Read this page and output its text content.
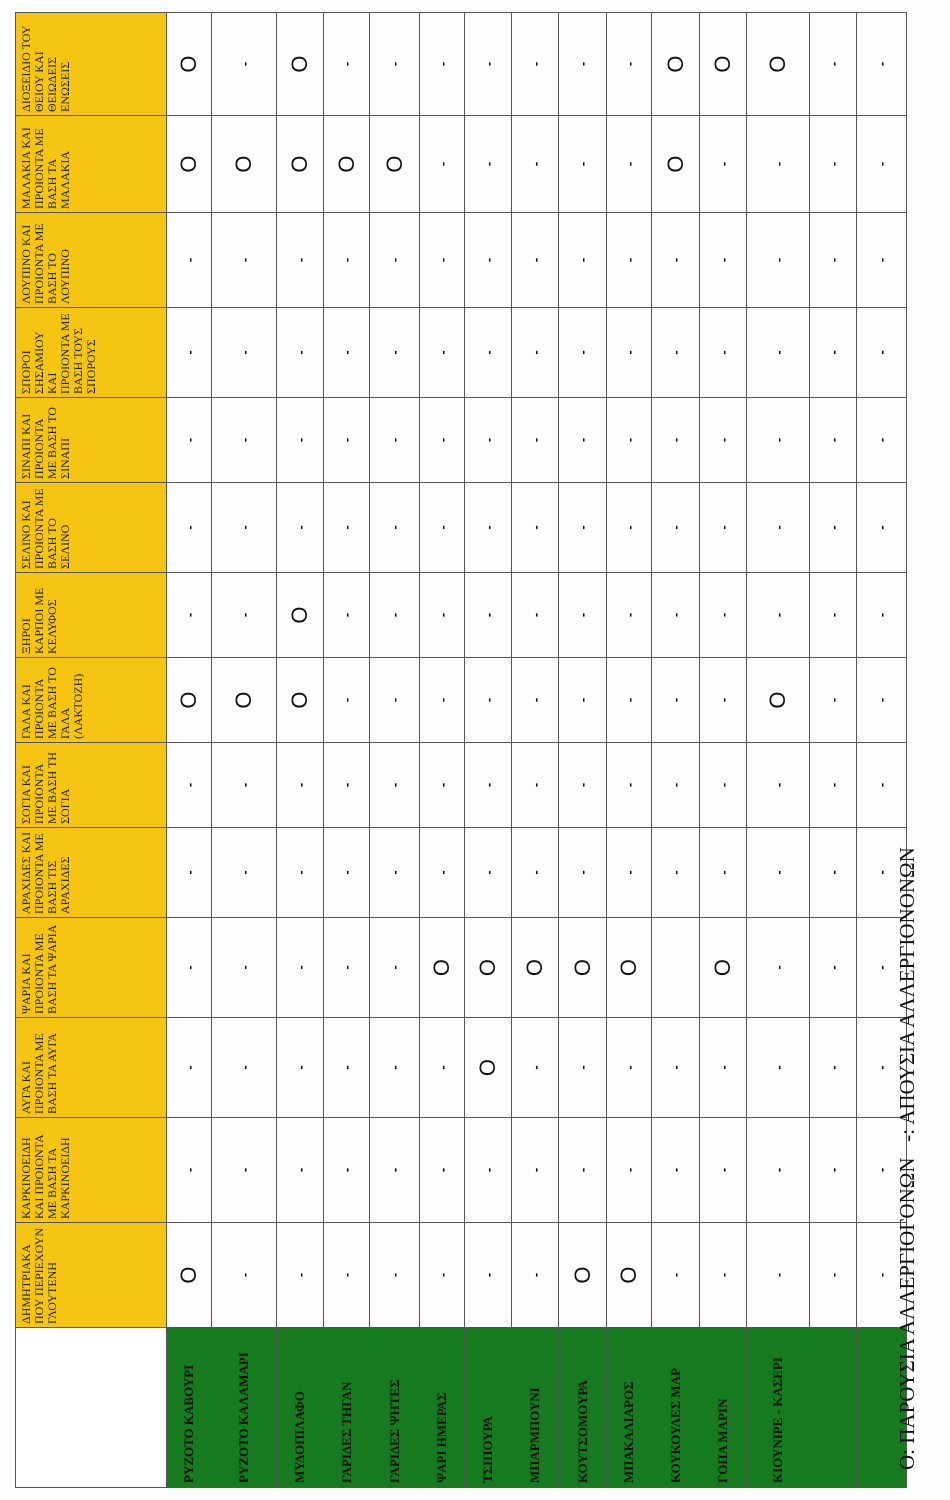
	ΔΗΜΗΤΡΙΑΚΑ ΠΟΥ ΠΕΡΙΕΧΟΥΝ ΓΛΟΥΤΕΝΗ	ΚΑΡΚΙΝΟΕΙΔΗ ΚΑΙ ΠΡΟΙΟΝΤΑ ΜΕ ΒΑΣΗ ΤΑ ΚΑΡΚΙΝΟΕΙΔΗ	ΑΥΓΑ ΚΑΙ ΠΡΟΙΟΝΤΑ ΜΕ ΒΑΣΗ ΤΑ ΑΥΓΑ	ΨΑΡΙΑ ΚΑΙ ΠΡΟΙΟΝΤΑ ΜΕ ΒΑΣΗ ΤΑ ΨΑΡΙΑ	ΑΡΑΧΙΔΕΣ ΚΑΙ ΠΡΟΙΟΝΤΑ ΜΕ ΒΑΣΗ ΤΙΣ ΑΡΑΧΙΔΕΣ	ΣΟΓΙΑ ΚΑΙ ΠΡΟΙΟΝΤΑ ΜΕ ΒΑΣΗ ΤΗ ΣΟΓΙΑ	ΓΑΛΑ ΚΑΙ ΠΡΟΙΟΝΤΑ ΜΕ ΒΑΣΗ ΤΟ ΓΑΛΑ (ΛΑΚΤΟΖΗ)	ΞΗΡΟΙ ΚΑΡΠΟΙ ΜΕ ΚΕΛΥΦΟΣ	ΣΕΛΙΝΟ ΚΑΙ ΠΡΟΙΟΝΤΑ ΜΕ ΒΑΣΗ ΤΟ ΣΕΛΙΝΟ	ΣΙΝΑΠΙ ΚΑΙ ΠΡΟΙΟΝΤΑ ΜΕ ΒΑΣΗ ΤΟ ΣΙΝΑΠΙ	ΣΠΟΡΟΙ ΣΗΣΑΜΙΟΥ ΚΑΙ ΠΡΟΙΟΝΤΑ ΜΕ ΒΑΣΗ ΤΟΥΣ ΣΠΟΡΟΥΣ	ΛΟΥΠΙΝΟ ΚΑΙ ΠΡΟΙΟΝΤΑ ΜΕ ΒΑΣΗ ΤΟ ΛΟΥΠΙΝΟ	ΜΑΛΑΚΙΑ ΚΑΙ ΠΡΟΙΟΝΤΑ ΜΕ ΒΑΣΗ ΤΑ ΜΑΛΑΚΙΑ	ΔΙΟΞΕΙΔΙΟ ΤΟΥ ΘΕΙΟΥ ΚΑΙ ΘΕΙΩΔΕΙΣ ΕΝΩΣΕΙΣ
ΡΥΖΟΤΟ ΚΑΒΟΥΡΙ	O	-	-	-	-	-	O	-	-	-	-	-	O	O
ΡΥΖΟΤΟ ΚΑΛΑΜΑΡΙ	-	-	-	-	-	-	O	-	-	-	-	-	O	-
ΜΥΔΟΠΙΛΑΦΟ	-	-	-	-	-	-	O	O	-	-	-	-	O	O
ΓΑΡΙΔΕΣ ΤΗΓΑΝ	-	-	-	-	-	-	-	-	-	-	-	-	O	-
ΓΑΡΙΔΕΣ ΨΗΤΕΣ	-	-	-	-	-	-	-	-	-	-	-	-	O	-
ΨΑΡΙ ΗΜΕΡΑΣ	-	-	-	O	-	-	-	-	-	-	-	-	-	-
ΤΣΙΠΟΥΡΑ	-	-	O	O	-	-	-	-	-	-	-	-	-	-
ΜΠΑΡΜΠΟΥΝΙ	-	-	-	O	-	-	-	-	-	-	-	-	-	-
ΚΟΥΤΣΟΜΟΥΡΑ	O	-	-	O	-	-	-	-	-	-	-	-	-	-
ΜΠΑΚΑΛΙΑΡΟΣ	O	-	-	O	-	-	-	-	-	-	-	-	-	-
ΚΟΥΚΟΥΛΕΣ ΜΑΡ	-	-	-		-	-	-	-	-	-	-	-	O	O
ΓΟΠΑ ΜΑΡΙΝ	-	-	-	O	-	-	-	-	-	-	-	-	-	O
ΚΙΟΥΝΙΡΕ - ΚΑΣΕΡΙ	-	-	-	-	-	-	O	-	-	-	-	-	-	O
	-	-	-	-	-	-	-	-	-	-	-	-	-	-
	-	-	-	-	-	-	-	-	-	-	-	-	-	-
Ο: ΠΑΡΟΥΣΙΑ ΑΛΛΕΡΓΙΟΓΟΝΩΝ   -: ΑΠΟΥΣΙΑ ΑΛΛΕΡΓΙΟΝΟΝΩΝ
